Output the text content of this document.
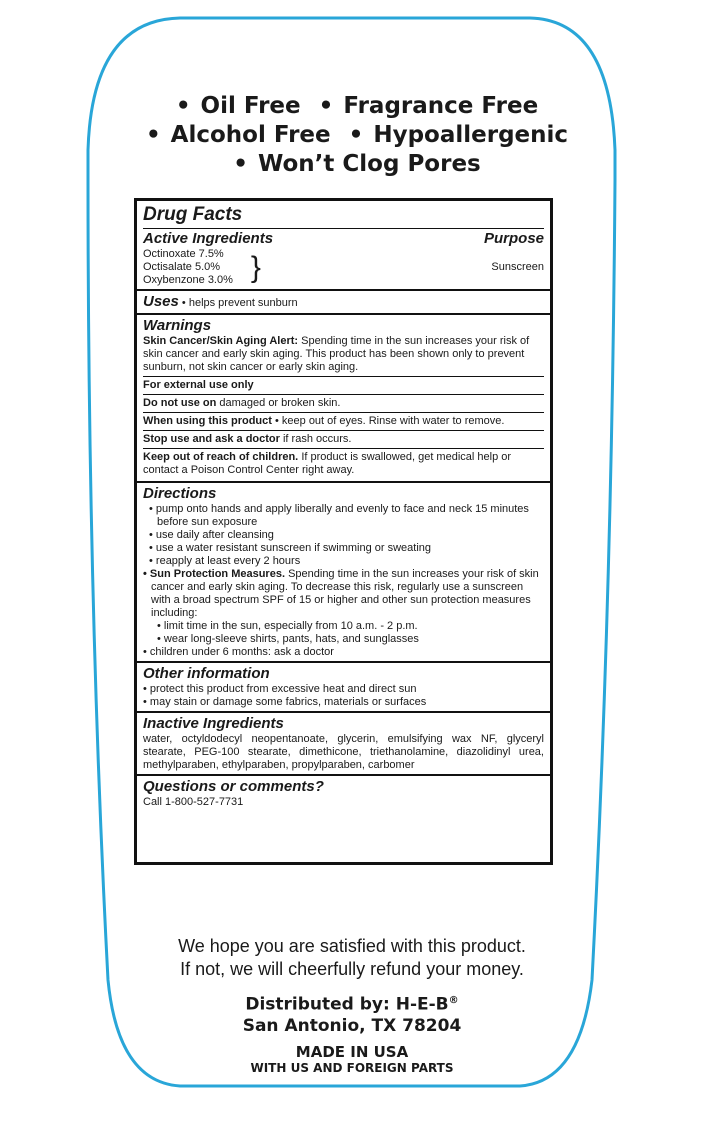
• Oil Free • Fragrance Free
• Alcohol Free • Hypoallergenic
• Won’t Clog Pores
Drug Facts
Active Ingredients	Purpose
Octinoxate 7.5%
Octisalate 5.0%
Oxybenzone 3.0% }	Sunscreen
Uses • helps prevent sunburn
Warnings
Skin Cancer/Skin Aging Alert: Spending time in the sun increases your risk of skin cancer and early skin aging. This product has been shown only to prevent sunburn, not skin cancer or early skin aging.
For external use only
Do not use on damaged or broken skin.
When using this product • keep out of eyes. Rinse with water to remove.
Stop use and ask a doctor if rash occurs.
Keep out of reach of children. If product is swallowed, get medical help or contact a Poison Control Center right away.
Directions
• pump onto hands and apply liberally and evenly to face and neck 15 minutes before sun exposure
• use daily after cleansing
• use a water resistant sunscreen if swimming or sweating
• reapply at least every 2 hours
• Sun Protection Measures. Spending time in the sun increases your risk of skin cancer and early skin aging. To decrease this risk, regularly use a sunscreen with a broad spectrum SPF of 15 or higher and other sun protection measures including:
• limit time in the sun, especially from 10 a.m. - 2 p.m.
• wear long-sleeve shirts, pants, hats, and sunglasses
• children under 6 months: ask a doctor
Other information
• protect this product from excessive heat and direct sun
• may stain or damage some fabrics, materials or surfaces
Inactive Ingredients
water, octyldodecyl neopentanoate, glycerin, emulsifying wax NF, glyceryl stearate, PEG-100 stearate, dimethicone, triethanolamine, diazolidinyl urea, methylparaben, ethylparaben, propylparaben, carbomer
Questions or comments?
Call 1-800-527-7731
We hope you are satisfied with this product.
If not, we will cheerfully refund your money.
Distributed by: H-E-B®
San Antonio, TX 78204
MADE IN USA
WITH US AND FOREIGN PARTS
